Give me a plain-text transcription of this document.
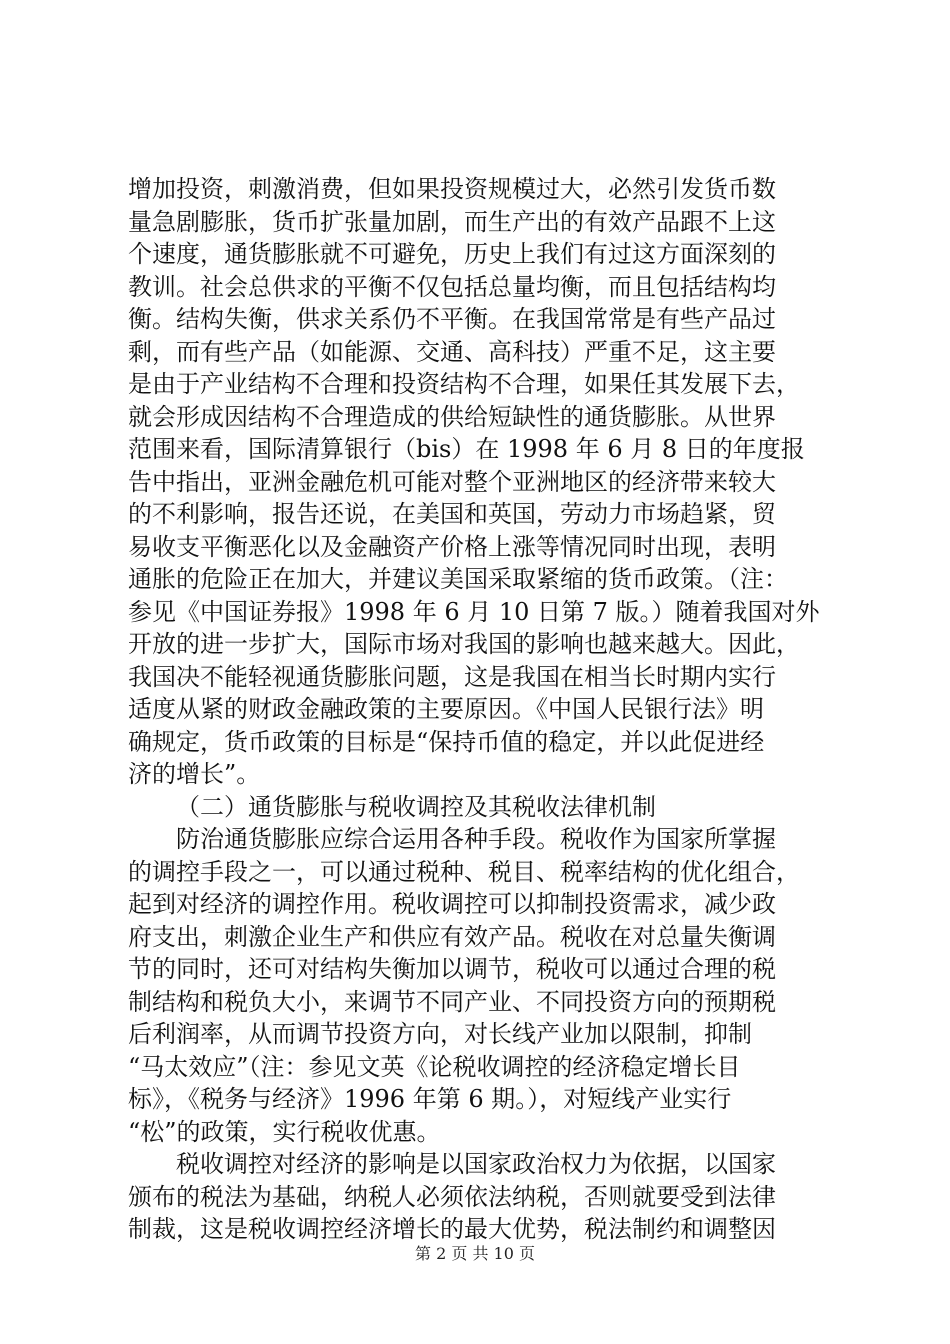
增加投资，刺激消费，但如果投资规模过大，必然引发货币数
量急剧膨胀，货币扩张量加剧，而生产出的有效产品跟不上这
个速度，通货膨胀就不可避免，历史上我们有过这方面深刻的
教训。社会总供求的平衡不仅包括总量均衡，而且包括结构均
衡。结构失衡，供求关系仍不平衡。在我国常常是有些产品过
剩，而有些产品（如能源、交通、高科技）严重不足，这主要
是由于产业结构不合理和投资结构不合理，如果任其发展下去，
就会形成因结构不合理造成的供给短缺性的通货膨胀。从世界
范围来看，国际清算银行（bis）在 1998 年 6 月 8 日的年度报
告中指出，亚洲金融危机可能对整个亚洲地区的经济带来较大
的不利影响，报告还说，在美国和英国，劳动力市场趋紧，贸
易收支平衡恶化以及金融资产价格上涨等情况同时出现，表明
通胀的危险正在加大，并建议美国采取紧缩的货币政策。（注：
参见《中国证券报》1998 年 6 月 10 日第 7 版。）随着我国对外
开放的进一步扩大，国际市场对我国的影响也越来越大。因此，
我国决不能轻视通货膨胀问题，这是我国在相当长时期内实行
适度从紧的财政金融政策的主要原因。《中国人民银行法》明
确规定，货币政策的目标是“保持币值的稳定，并以此促进经
济的增长”。
（二）通货膨胀与税收调控及其税收法律机制
防治通货膨胀应综合运用各种手段。税收作为国家所掌握
的调控手段之一，可以通过税种、税目、税率结构的优化组合，
起到对经济的调控作用。税收调控可以抑制投资需求，减少政
府支出，刺激企业生产和供应有效产品。税收在对总量失衡调
节的同时，还可对结构失衡加以调节，税收可以通过合理的税
制结构和税负大小，来调节不同产业、不同投资方向的预期税
后利润率，从而调节投资方向，对长线产业加以限制，抑制
“马太效应”（注：参见文英《论税收调控的经济稳定增长目
标》，《税务与经济》1996 年第 6 期。），对短线产业实行
“松”的政策，实行税收优惠。
税收调控对经济的影响是以国家政治权力为依据，以国家
颁布的税法为基础，纳税人必须依法纳税，否则就要受到法律
制裁，这是税收调控经济增长的最大优势，税法制约和调整因
第 2 页 共 10 页
